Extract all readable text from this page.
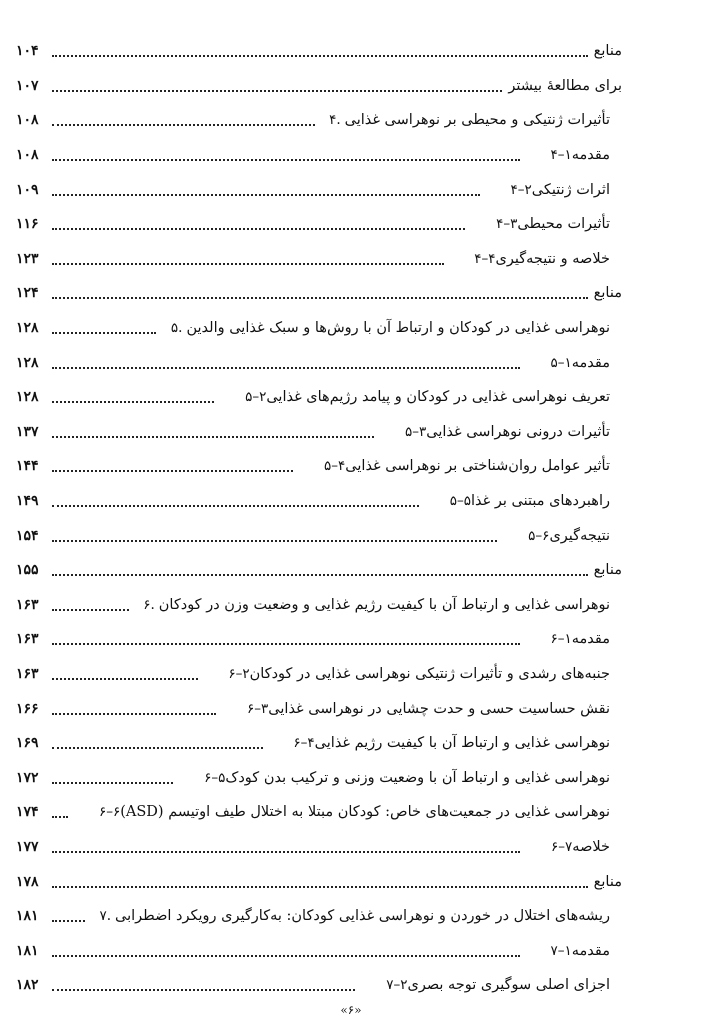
منابع
۱۰۴
برای مطالعهٔ بیشتر
۱۰۷
۴. تأثیرات ژنتیکی و محیطی بر نوهراسی غذایی
۱۰۸
۴–۱ مقدمه
۱۰۸
۴–۲ اثرات ژنتیکی
۱۰۹
۴–۳ تأثیرات محیطی
۱۱۶
۴–۴ خلاصه و نتیجه‌گیری
۱۲۳
منابع
۱۲۴
۵. نوهراسی غذایی در کودکان و ارتباط آن با روش‌ها و سبک غذایی والدین
۱۲۸
۵–۱ مقدمه
۱۲۸
۵–۲ تعریف نوهراسی غذایی در کودکان و پیامد رژیم‌های غذایی
۱۲۸
۵–۳ تأثیرات درونی نوهراسی غذایی
۱۳۷
۵–۴ تأثیر عوامل روان‌شناختی بر نوهراسی غذایی
۱۴۴
۵–۵ راهبردهای مبتنی بر غذا
۱۴۹
۵–۶ نتیجه‌گیری
۱۵۴
منابع
۱۵۵
۶. نوهراسی غذایی و ارتباط آن با کیفیت رژیم غذایی و وضعیت وزن در کودکان
۱۶۳
۶–۱ مقدمه
۱۶۳
۶–۲ جنبه‌های رشدی و تأثیرات ژنتیکی نوهراسی غذایی در کودکان
۱۶۳
۶–۳ نقش حساسیت حسی و حدت چشایی در نوهراسی غذایی
۱۶۶
۶–۴ نوهراسی غذایی و ارتباط آن با کیفیت رژیم غذایی
۱۶۹
۶–۵ نوهراسی غذایی و ارتباط آن با وضعیت وزنی و ترکیب بدن کودک
۱۷۲
۶–۶ نوهراسی غذایی در جمعیت‌های خاص: کودکان مبتلا به اختلال طیف اوتیسم (ASD)
۱۷۴
۶–۷ خلاصه
۱۷۷
منابع
۱۷۸
۷. ریشه‌های اختلال در خوردن و نوهراسی غذایی کودکان: به‌کارگیری رویکرد اضطرابی
۱۸۱
۷–۱ مقدمه
۱۸۱
۷–۲ اجزای اصلی سوگیری توجه بصری
۱۸۲
«۶»
